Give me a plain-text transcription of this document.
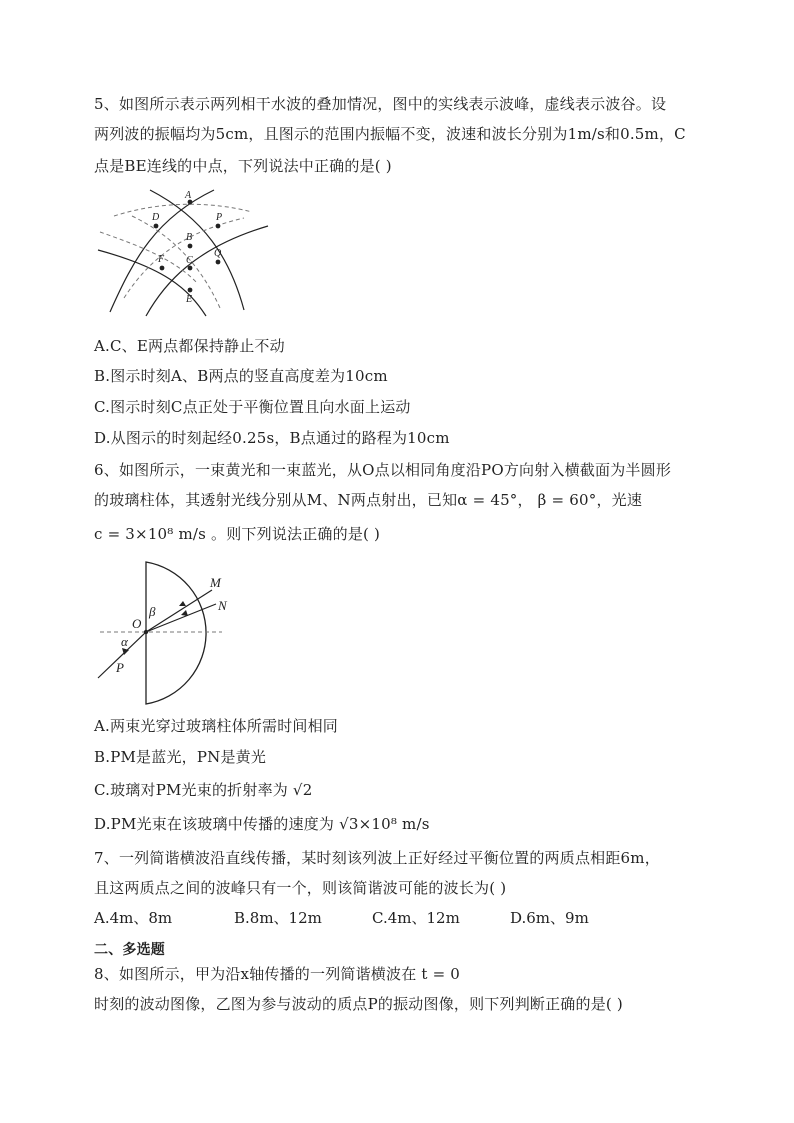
5、如图所示表示两列相干水波的叠加情况，图中的实线表示波峰，虚线表示波谷。设
两列波的振幅均为5cm，且图示的范围内振幅不变，波速和波长分别为1m/s和0.5m，C
点是BE连线的中点，下列说法中正确的是( )
A
D	P
B
C
Q
F
E
A.C、E两点都保持静止不动
B.图示时刻A、B两点的竖直高度差为10cm
C.图示时刻C点正处于平衡位置且向水面上运动
D.从图示的时刻起经0.25s，B点通过的路程为10cm
6、如图所示，一束黄光和一束蓝光，从O点以相同角度沿PO方向射入横截面为半圆形
的玻璃柱体，其透射光线分别从M、N两点射出，已知α = 45°， β = 60°，光速
c = 3×10⁸ m/s 。则下列说法正确的是( )
M
N
O
β
α
P
A.两束光穿过玻璃柱体所需时间相同
B.PM是蓝光，PN是黄光
C.玻璃对PM光束的折射率为 √2
D.PM光束在该玻璃中传播的速度为 √3×10⁸ m/s
7、一列简谐横波沿直线传播，某时刻该列波上正好经过平衡位置的两质点相距6m，
且这两质点之间的波峰只有一个，则该简谐波可能的波长为( )
A.4m、8m	B.8m、12m	C.4m、12m	D.6m、9m
二、多选题
8、如图所示，甲为沿x轴传播的一列简谐横波在 t = 0
时刻的波动图像，乙图为参与波动的质点P的振动图像，则下列判断正确的是( )
